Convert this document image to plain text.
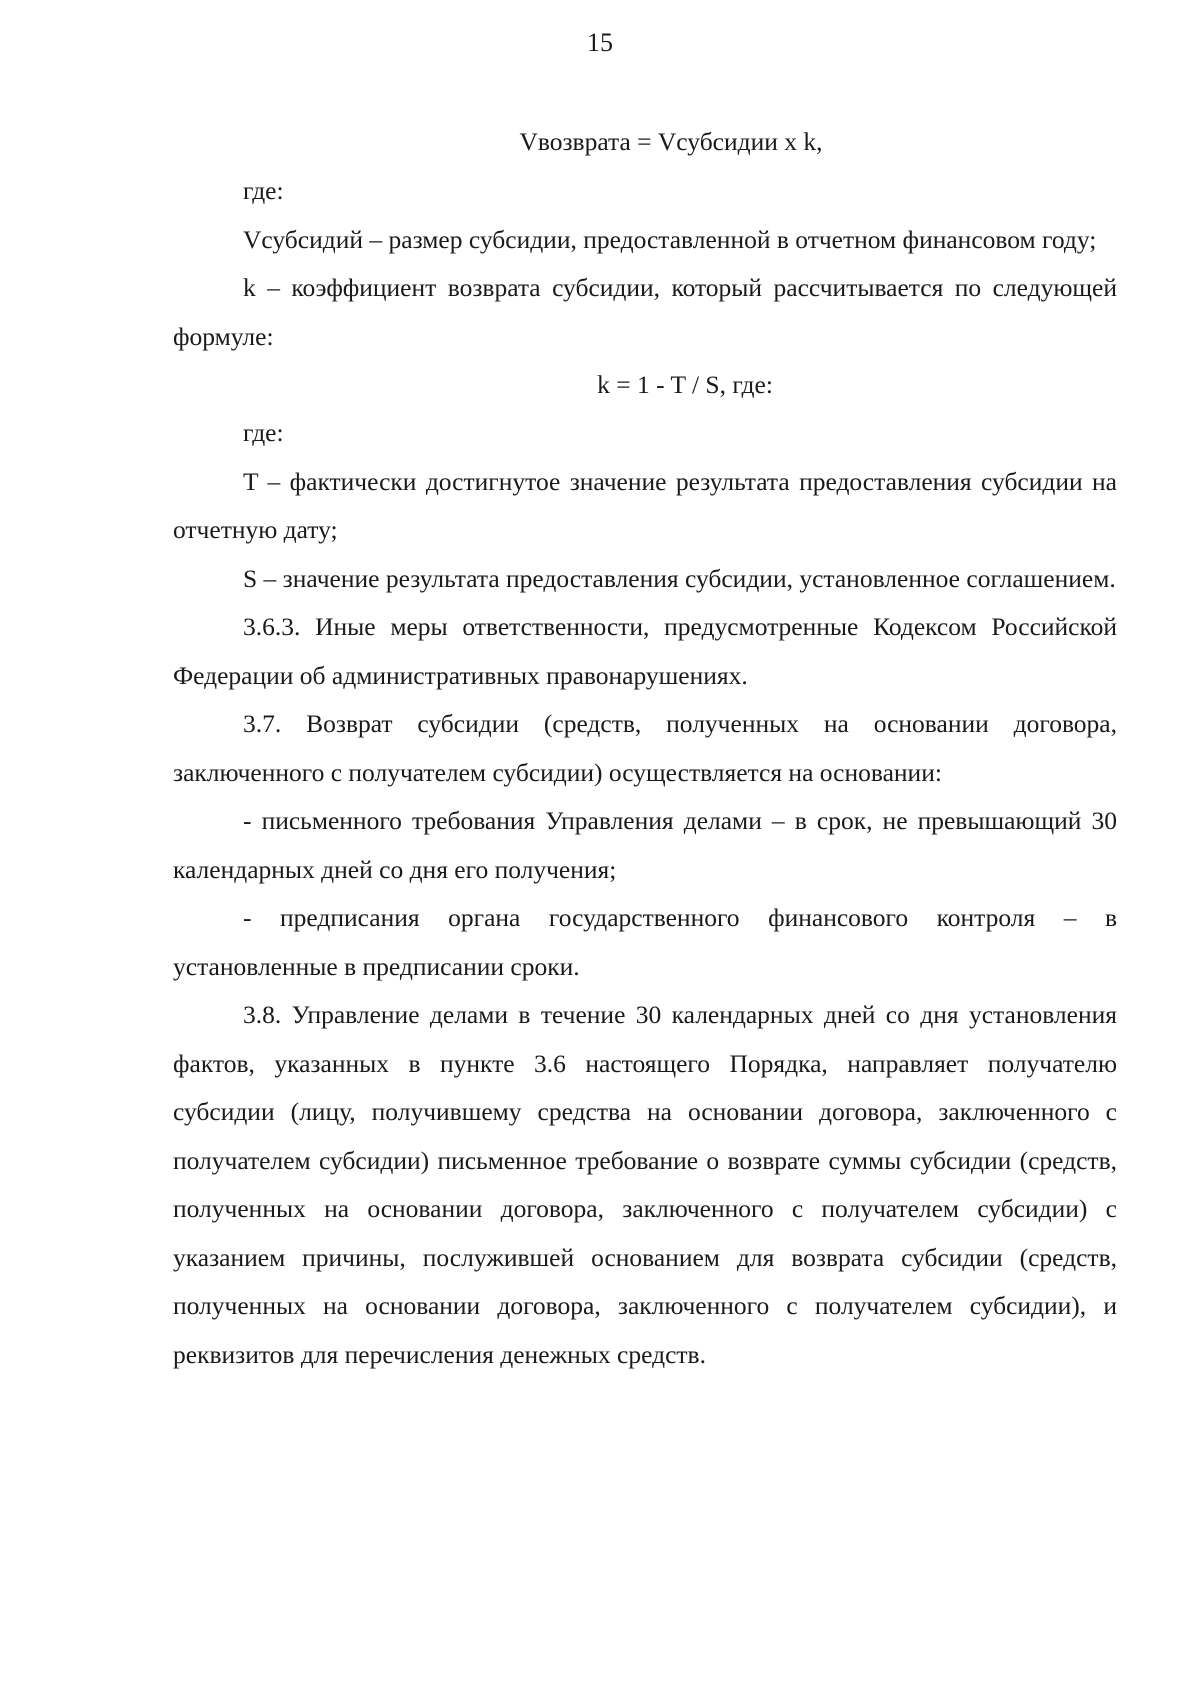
15
Vвозврата = Vсубсидии x k,

где:

Vсубсидий – размер субсидии, предоставленной в отчетном финансовом году;

k – коэффициент возврата субсидии, который рассчитывается по следующей формуле:

k = 1 - T / S, где:

где:

T – фактически достигнутое значение результата предоставления субсидии на отчетную дату;

S – значение результата предоставления субсидии, установленное соглашением.

3.6.3. Иные меры ответственности, предусмотренные Кодексом Российской Федерации об административных правонарушениях.

3.7. Возврат субсидии (средств, полученных на основании договора, заключенного с получателем субсидии) осуществляется на основании:

- письменного требования Управления делами – в срок, не превышающий 30 календарных дней со дня его получения;

- предписания органа государственного финансового контроля – в установленные в предписании сроки.

3.8. Управление делами в течение 30 календарных дней со дня установления фактов, указанных в пункте 3.6 настоящего Порядка, направляет получателю субсидии (лицу, получившему средства на основании договора, заключенного с получателем субсидии) письменное требование о возврате суммы субсидии (средств, полученных на основании договора, заключенного с получателем субсидии) с указанием причины, послужившей основанием для возврата субсидии (средств, полученных на основании договора, заключенного с получателем субсидии), и реквизитов для перечисления денежных средств.
